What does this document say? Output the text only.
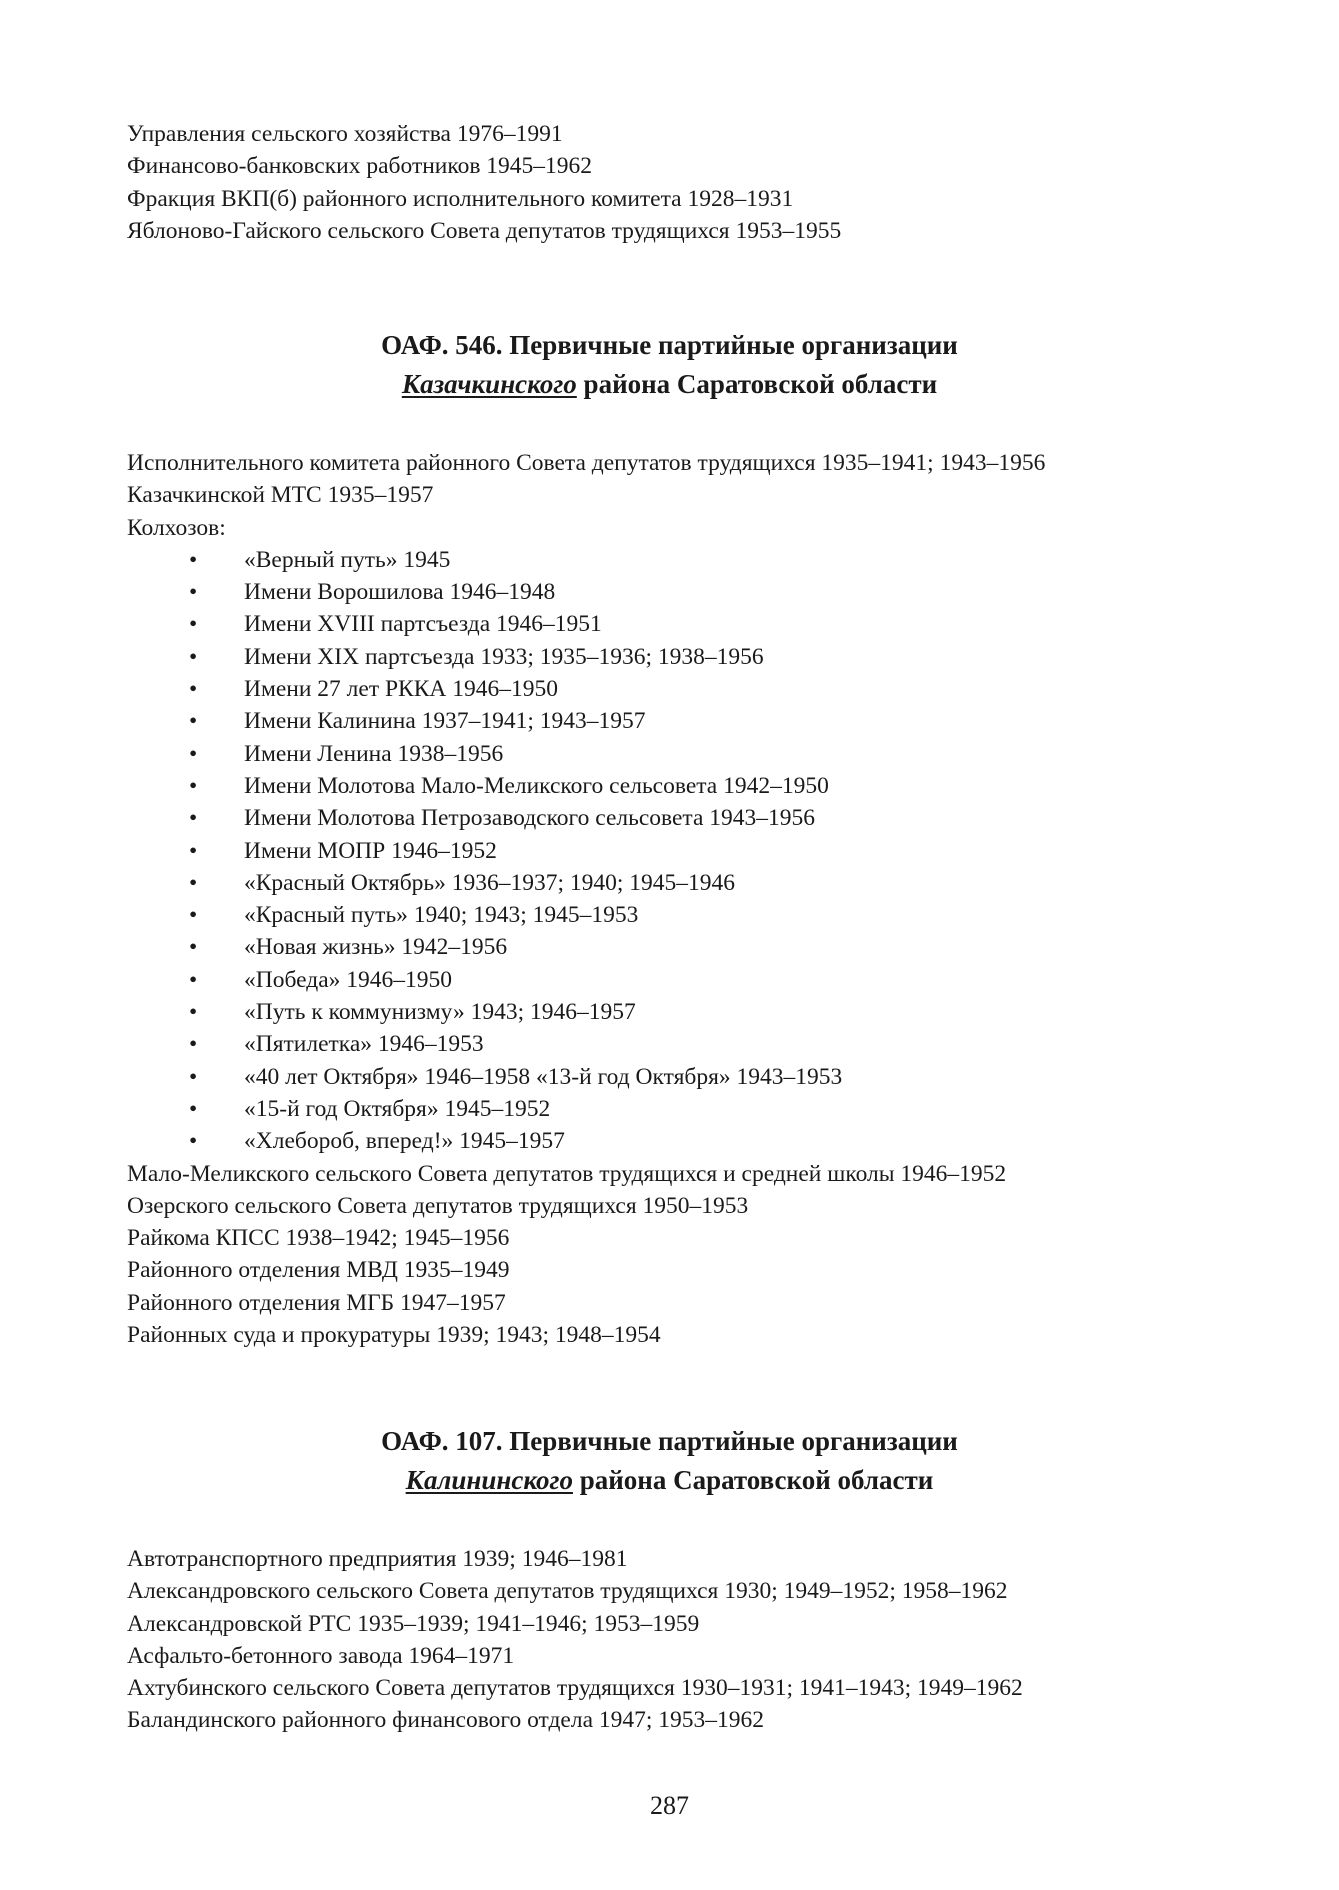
Управления сельского хозяйства 1976–1991
Финансово-банковских работников 1945–1962
Фракция ВКП(б) районного исполнительного комитета 1928–1931
Яблоново-Гайского сельского Совета депутатов трудящихся 1953–1955
ОАФ. 546. Первичные партийные организации
Казачкинского района Саратовской области
Исполнительного комитета районного Совета депутатов трудящихся 1935–1941; 1943–1956
Казачкинской МТС 1935–1957
Колхозов:
• «Верный путь» 1945
• Имени Ворошилова 1946–1948
• Имени XVIII партсъезда 1946–1951
• Имени XIX партсъезда 1933; 1935–1936; 1938–1956
• Имени 27 лет РККА 1946–1950
• Имени Калинина 1937–1941; 1943–1957
• Имени Ленина 1938–1956
• Имени Молотова Мало-Меликского сельсовета 1942–1950
• Имени Молотова Петрозаводского сельсовета 1943–1956
• Имени МОПР 1946–1952
• «Красный Октябрь» 1936–1937; 1940; 1945–1946
• «Красный путь» 1940; 1943; 1945–1953
• «Новая жизнь» 1942–1956
• «Победа» 1946–1950
• «Путь к коммунизму» 1943; 1946–1957
• «Пятилетка» 1946–1953
• «40 лет Октября» 1946–1958 «13-й год Октября» 1943–1953
• «15-й год Октября» 1945–1952
• «Хлебороб, вперед!» 1945–1957
Мало-Меликского сельского Совета депутатов трудящихся и средней школы 1946–1952
Озерского сельского Совета депутатов трудящихся 1950–1953
Райкома КПСС 1938–1942; 1945–1956
Районного отделения МВД 1935–1949
Районного отделения МГБ 1947–1957
Районных суда и прокуратуры 1939; 1943; 1948–1954
ОАФ. 107. Первичные партийные организации
Калининского района Саратовской области
Автотранспортного предприятия 1939; 1946–1981
Александровского сельского Совета депутатов трудящихся 1930; 1949–1952; 1958–1962
Александровской РТС 1935–1939; 1941–1946; 1953–1959
Асфальто-бетонного завода 1964–1971
Ахтубинского сельского Совета депутатов трудящихся 1930–1931; 1941–1943; 1949–1962
Баландинского районного финансового отдела 1947; 1953–1962
287
